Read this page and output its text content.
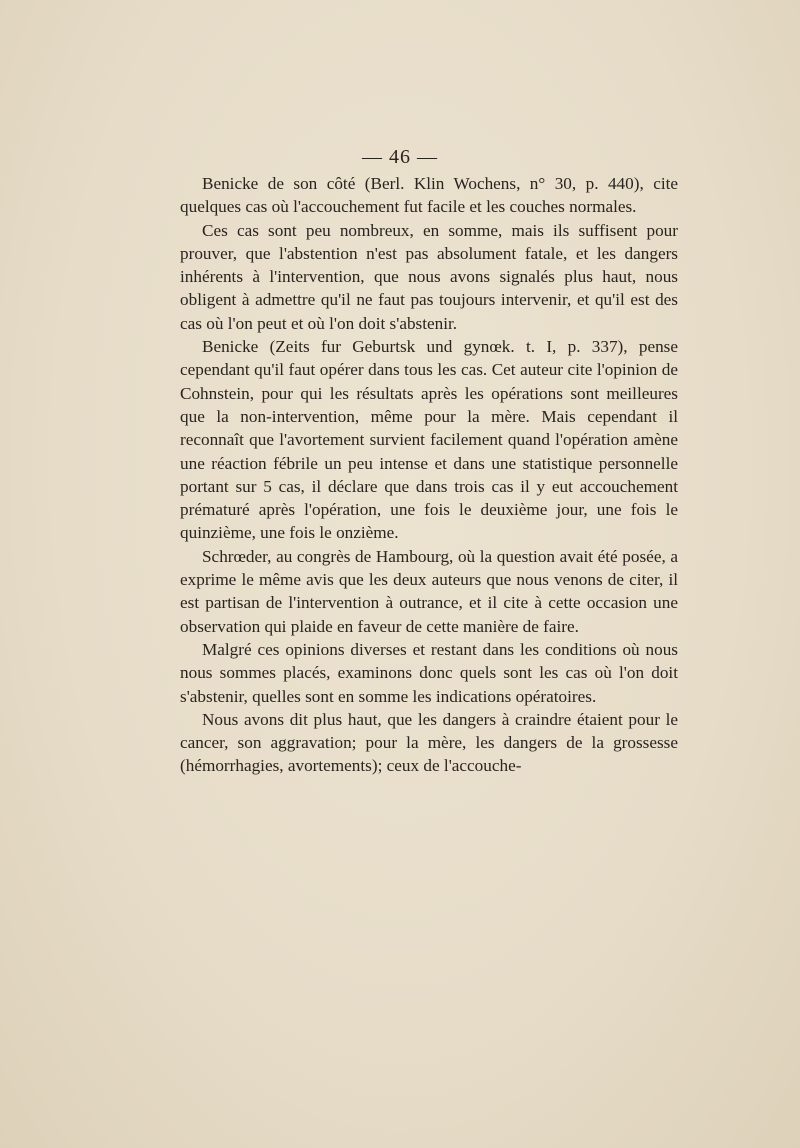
— 46 —

Benicke de son côté (Berl. Klin Wochens, n° 30, p. 440), cite quelques cas où l'accouchement fut facile et les couches normales.

Ces cas sont peu nombreux, en somme, mais ils suffisent pour prouver, que l'abstention n'est pas absolument fatale, et les dangers inhérents à l'intervention, que nous avons signalés plus haut, nous obligent à admettre qu'il ne faut pas toujours intervenir, et qu'il est des cas où l'on peut et où l'on doit s'abstenir.

Benicke (Zeits fur Geburtsk und gynœk. t. I, p. 337), pense cependant qu'il faut opérer dans tous les cas. Cet auteur cite l'opinion de Cohnstein, pour qui les résultats après les opérations sont meilleures que la non-intervention, même pour la mère. Mais cependant il reconnaît que l'avortement survient facilement quand l'opération amène une réaction fébrile un peu intense et dans une statistique personnelle portant sur 5 cas, il déclare que dans trois cas il y eut accouchement prématuré après l'opération, une fois le deuxième jour, une fois le quinzième, une fois le onzième.

Schrœder, au congrès de Hambourg, où la question avait été posée, a exprime le même avis que les deux auteurs que nous venons de citer, il est partisan de l'intervention à outrance, et il cite à cette occasion une observation qui plaide en faveur de cette manière de faire.

Malgré ces opinions diverses et restant dans les conditions où nous nous sommes placés, examinons donc quels sont les cas où l'on doit s'abstenir, quelles sont en somme les indications opératoires.

Nous avons dit plus haut, que les dangers à craindre étaient pour le cancer, son aggravation; pour la mère, les dangers de la grossesse (hémorrhagies, avortements); ceux de l'accouche-
